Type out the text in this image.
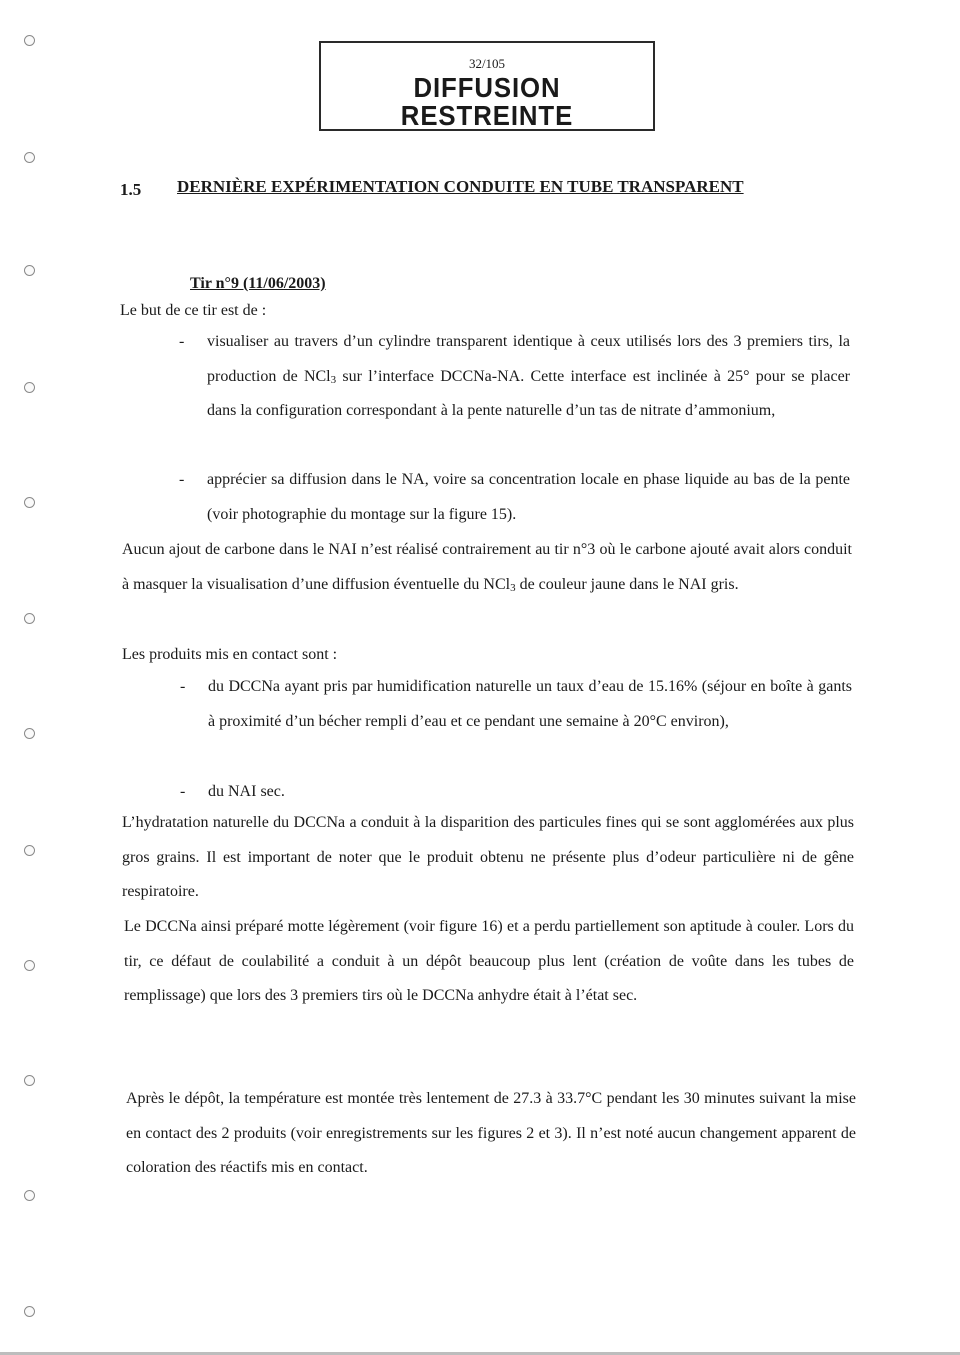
32/105
DIFFUSION RESTREINTE
1.5 DERNIÈRE EXPÉRIMENTATION CONDUITE EN TUBE TRANSPARENT
Tir n°9 (11/06/2003)

Le but de ce tir est de :

- visualiser au travers d’un cylindre transparent identique à ceux utilisés lors des 3 premiers tirs, la production de NCl$_3$ sur l’interface DCCNa-NA. Cette interface est inclinée à 25° pour se placer dans la configuration correspondant à la pente naturelle d’un tas de nitrate d’ammonium,

- apprécier sa diffusion dans le NA, voire sa concentration locale en phase liquide au bas de la pente (voir photographie du montage sur la figure 15).

Aucun ajout de carbone dans le NAI n’est réalisé contrairement au tir n°3 où le carbone ajouté avait alors conduit à masquer la visualisation d’une diffusion éventuelle du NCl$_3$ de couleur jaune dans le NAI gris.

Les produits mis en contact sont :

- du DCCNa ayant pris par humidification naturelle un taux d’eau de 15.16% (séjour en boîte à gants à proximité d’un bécher rempli d’eau et ce pendant une semaine à 20°C environ),

- du NAI sec.

L’hydratation naturelle du DCCNa a conduit à la disparition des particules fines qui se sont agglomérées aux plus gros grains. Il est important de noter que le produit obtenu ne présente plus d’odeur particulière ni de gêne respiratoire.

Le DCCNa ainsi préparé motte légèrement (voir figure 16) et a perdu partiellement son aptitude à couler. Lors du tir, ce défaut de coulabilité a conduit à un dépôt beaucoup plus lent (création de voûte dans les tubes de remplissage) que lors des 3 premiers tirs où le DCCNa anhydre était à l’état sec.

Après le dépôt, la température est montée très lentement de 27.3 à 33.7°C pendant les 30 minutes suivant la mise en contact des 2 produits (voir enregistrements sur les figures 2 et 3). Il n’est noté aucun changement apparent de coloration des réactifs mis en contact.
